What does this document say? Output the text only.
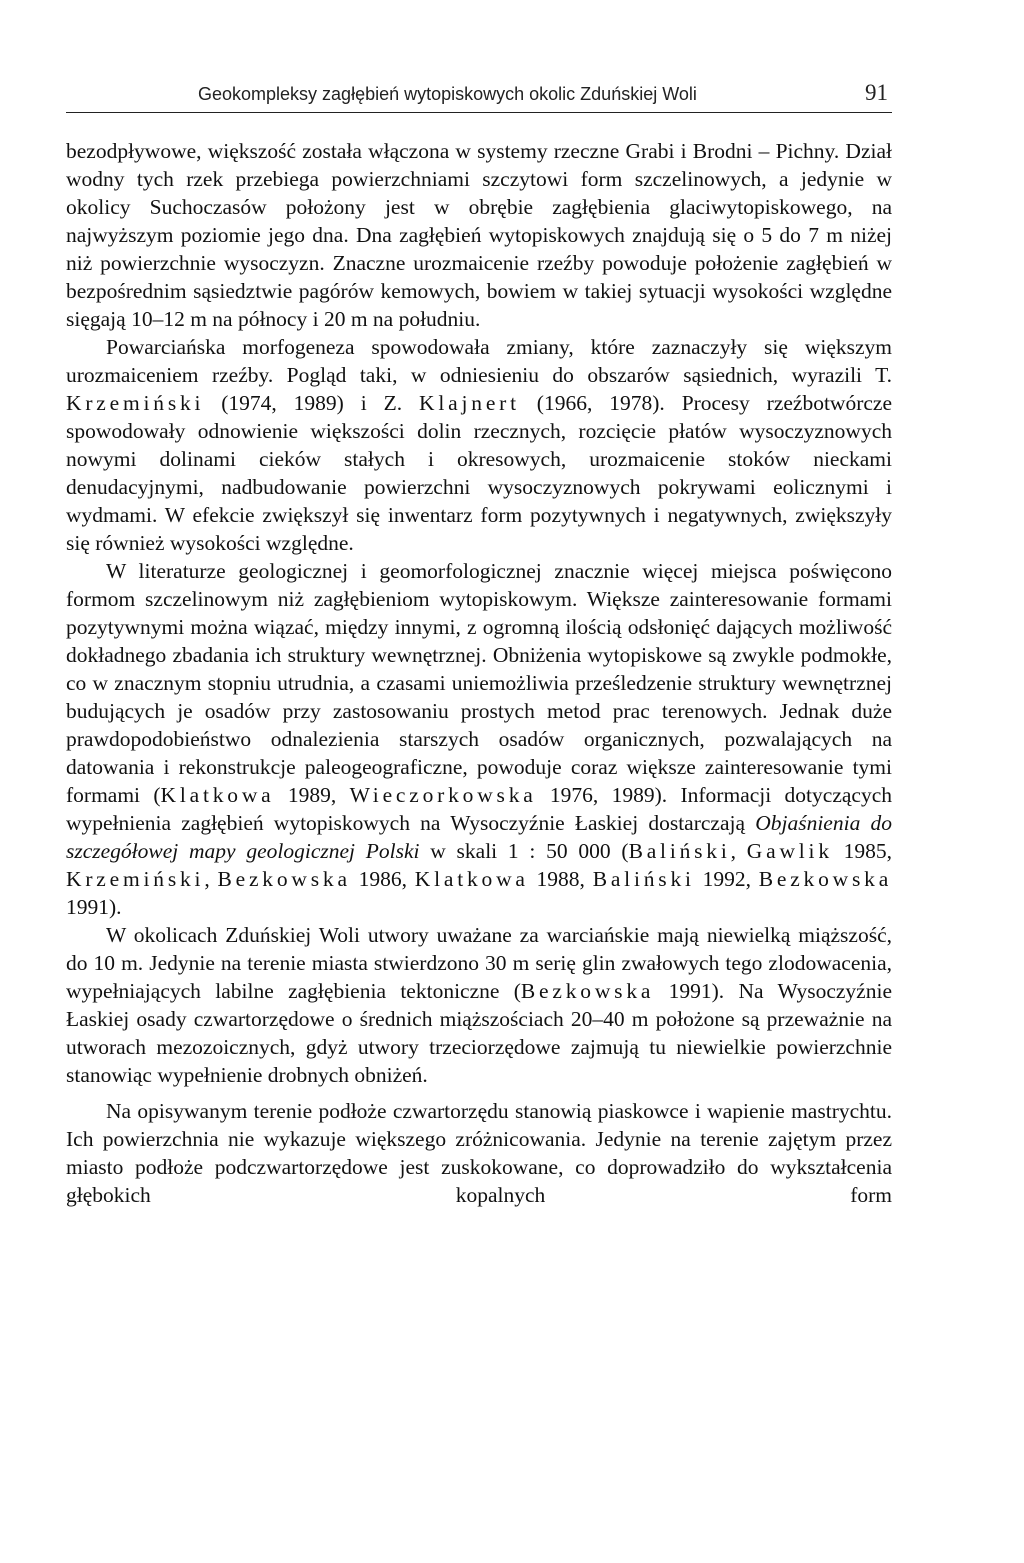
Geokompleksy zagłębień wytopiskowych okolic Zduńskiej Woli	91

bezodpływowe, większość została włączona w systemy rzeczne Grabi i Brodni – Pichny. Dział wodny tych rzek przebiega powierzchniami szczytowi form szczelinowych, a jedynie w okolicy Suchoczasów położony jest w obrębie zagłębienia glaciwytopiskowego, na najwyższym poziomie jego dna. Dna zagłębień wytopiskowych znajdują się o 5 do 7 m niżej niż powierzchnie wysoczyzn. Znaczne urozmaicenie rzeźby powoduje położenie zagłębień w bezpośrednim sąsiedztwie pagórów kemowych, bowiem w takiej sytuacji wysokości względne sięgają 10–12 m na północy i 20 m na południu.

Powarciańska morfogeneza spowodowała zmiany, które zaznaczyły się większym urozmaiceniem rzeźby. Pogląd taki, w odniesieniu do obszarów sąsiednich, wyrazili T. Krzemiński (1974, 1989) i Z. Klajnert (1966, 1978). Procesy rzeźbotwórcze spowodowały odnowienie większości dolin rzecznych, rozcięcie płatów wysoczyznowych nowymi dolinami cieków stałych i okresowych, urozmaicenie stoków nieckami denudacyjnymi, nadbudowanie powierzchni wysoczyznowych pokrywami eolicznymi i wydmami. W efekcie zwiększył się inwentarz form pozytywnych i negatywnych, zwiększyły się również wysokości względne.

W literaturze geologicznej i geomorfologicznej znacznie więcej miejsca poświęcono formom szczelinowym niż zagłębieniom wytopiskowym. Większe zainteresowanie formami pozytywnymi można wiązać, między innymi, z ogromną ilością odsłonięć dających możliwość dokładnego zbadania ich struktury wewnętrznej. Obniżenia wytopiskowe są zwykle podmokłe, co w znacznym stopniu utrudnia, a czasami uniemożliwia prześledzenie struktury wewnętrznej budujących je osadów przy zastosowaniu prostych metod prac terenowych. Jednak duże prawdopodobieństwo odnalezienia starszych osadów organicznych, pozwalających na datowania i rekonstrukcje paleogeograficzne, powoduje coraz większe zainteresowanie tymi formami (Klatkowa 1989, Wieczorkowska 1976, 1989). Informacji dotyczących wypełnienia zagłębień wytopiskowych na Wysoczyźnie Łaskiej dostarczają Objaśnienia do szczegółowej mapy geologicznej Polski w skali 1 : 50 000 (Baliński, Gawlik 1985, Krzemiński, Bezkowska 1986, Klatkowa 1988, Baliński 1992, Bezkowska 1991).

W okolicach Zduńskiej Woli utwory uważane za warciańskie mają niewielką miąższość, do 10 m. Jedynie na terenie miasta stwierdzono 30 m serię glin zwałowych tego zlodowacenia, wypełniających labilne zagłębienia tektoniczne (Bezkowska 1991). Na Wysoczyźnie Łaskiej osady czwartorzędowe o średnich miąższościach 20–40 m położone są przeważnie na utworach mezozoicznych, gdyż utwory trzeciorzędowe zajmują tu niewielkie powierzchnie stanowiąc wypełnienie drobnych obniżeń.

Na opisywanym terenie podłoże czwartorzędu stanowią piaskowce i wapienie mastrychtu. Ich powierzchnia nie wykazuje większego zróżnicowania. Jedynie na terenie zajętym przez miasto podłoże podczwartorzędowe jest zuskokowane, co doprowadziło do wykształcenia głębokich kopalnych form
